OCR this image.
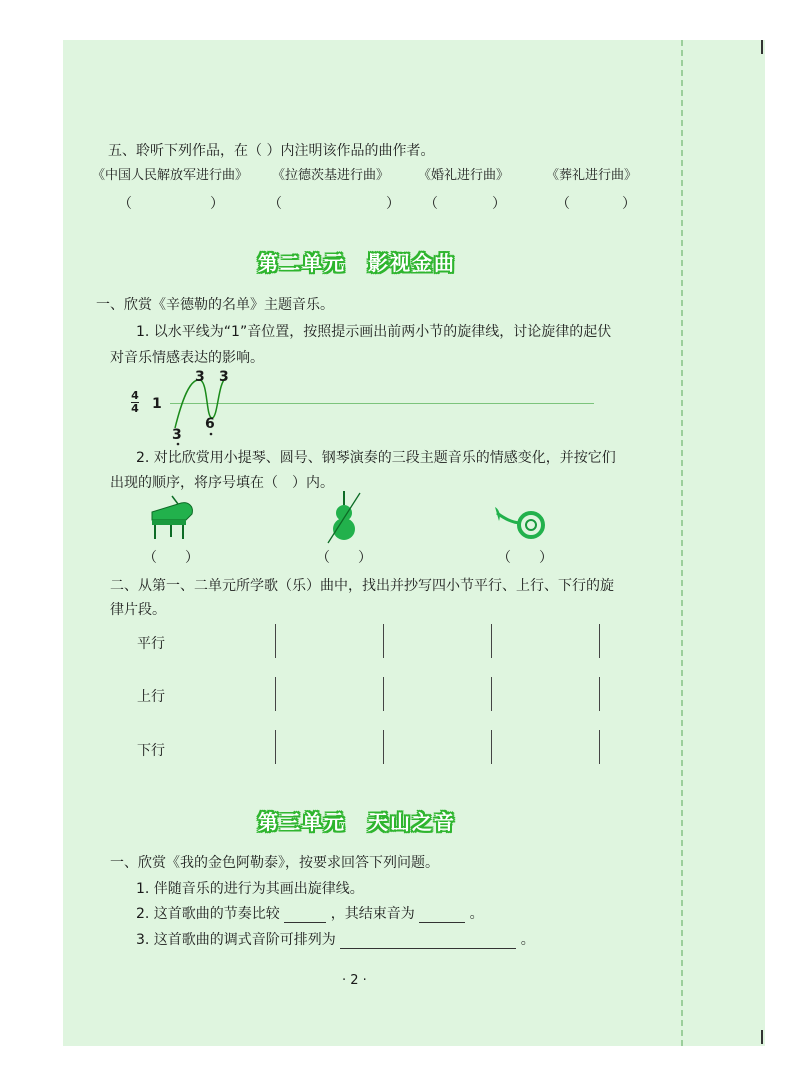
五、聆听下列作品，在（ ）内注明该作品的曲作者。
《中国人民解放军进行曲》 《拉德茨基进行曲》 《婚礼进行曲》	《葬礼进行曲》
（	）	（	） （	）	（	）
第二单元　影视金曲
一、欣赏《辛德勒的名单》主题音乐。
1. 以水平线为“1”音位置，按照提示画出前两小节的旋律线，讨论旋律的起伏
对音乐情感表达的影响。
4
4 1
3 3
3
6
2. 对比欣赏用小提琴、圆号、钢琴演奏的三段主题音乐的情感变化，并按它们
出现的顺序，将序号填在（　）内。
（　　）	（　　）	（　　）
二、从第一、二单元所学歌（乐）曲中，找出并抄写四小节平行、上行、下行的旋
律片段。
平行
上行
下行
第三单元　天山之音
一、欣赏《我的金色阿勒泰》，按要求回答下列问题。
1. 伴随音乐的进行为其画出旋律线。
2. 这首歌曲的节奏比较	，其结束音为	。
3. 这首歌曲的调式音阶可排列为	。
· 2 ·
